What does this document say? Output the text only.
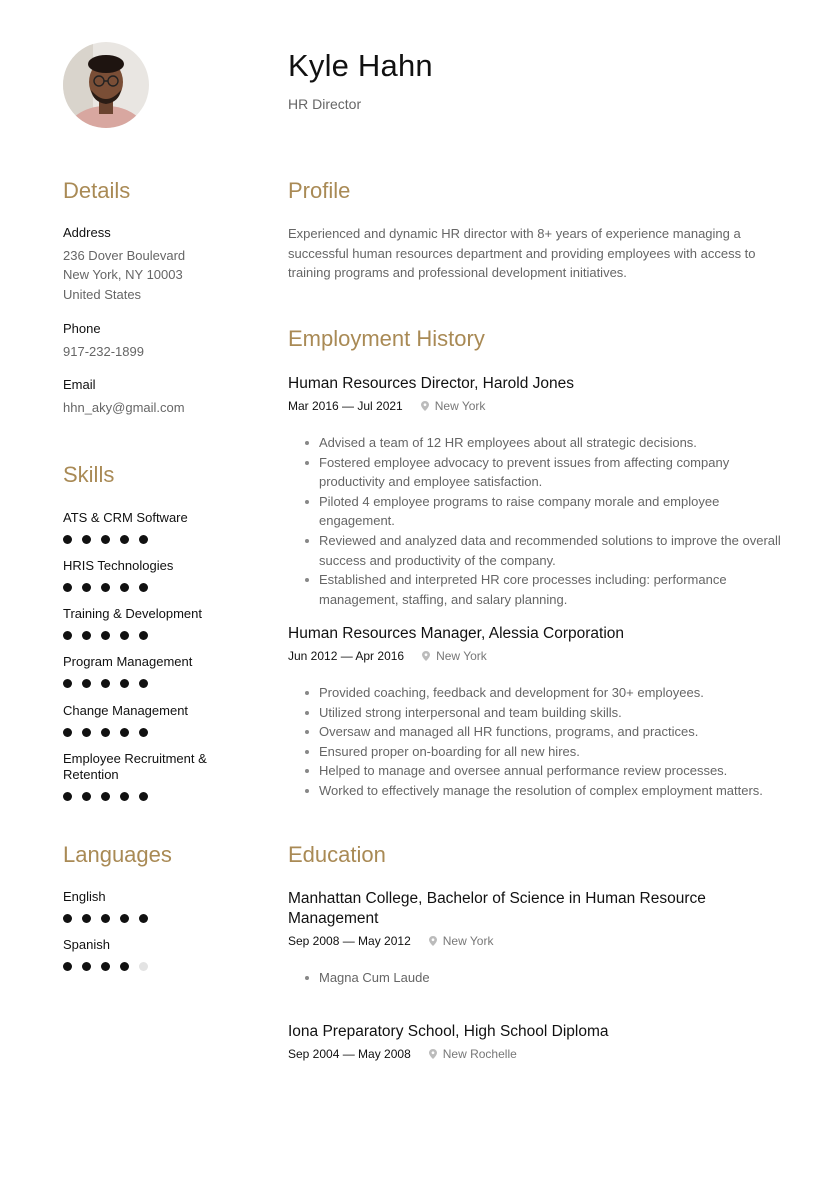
Kyle Hahn
HR Director
Details
Address
236 Dover Boulevard
New York, NY 10003
United States
Phone
917-232-1899
Email
hhn_aky@gmail.com
Skills
ATS & CRM Software
HRIS Technologies
Training & Development
Program Management
Change Management
Employee Recruitment & Retention
Languages
English
Spanish
Profile
Experienced and dynamic HR director with 8+ years of experience managing a successful human resources department and providing employees with access to training programs and professional development initiatives.
Employment History
Human Resources Director, Harold Jones
Mar 2016 — Jul 2021	New York
Advised a team of 12 HR employees about all strategic decisions.
Fostered employee advocacy to prevent issues from affecting company productivity and employee satisfaction.
Piloted 4 employee programs to raise company morale and employee engagement.
Reviewed and analyzed data and recommended solutions to improve the overall success and productivity of the company.
Established and interpreted HR core processes including: performance management, staffing, and salary planning.
Human Resources Manager, Alessia Corporation
Jun 2012 — Apr 2016	New York
Provided coaching, feedback and development for 30+ employees.
Utilized strong interpersonal and team building skills.
Oversaw and managed all HR functions, programs, and practices.
Ensured proper on-boarding for all new hires.
Helped to manage and oversee annual performance review processes.
Worked to effectively manage the resolution of complex employment matters.
Education
Manhattan College, Bachelor of Science in Human Resource Management
Sep 2008 — May 2012	New York
Magna Cum Laude
Iona Preparatory School, High School Diploma
Sep 2004 — May 2008	New Rochelle
